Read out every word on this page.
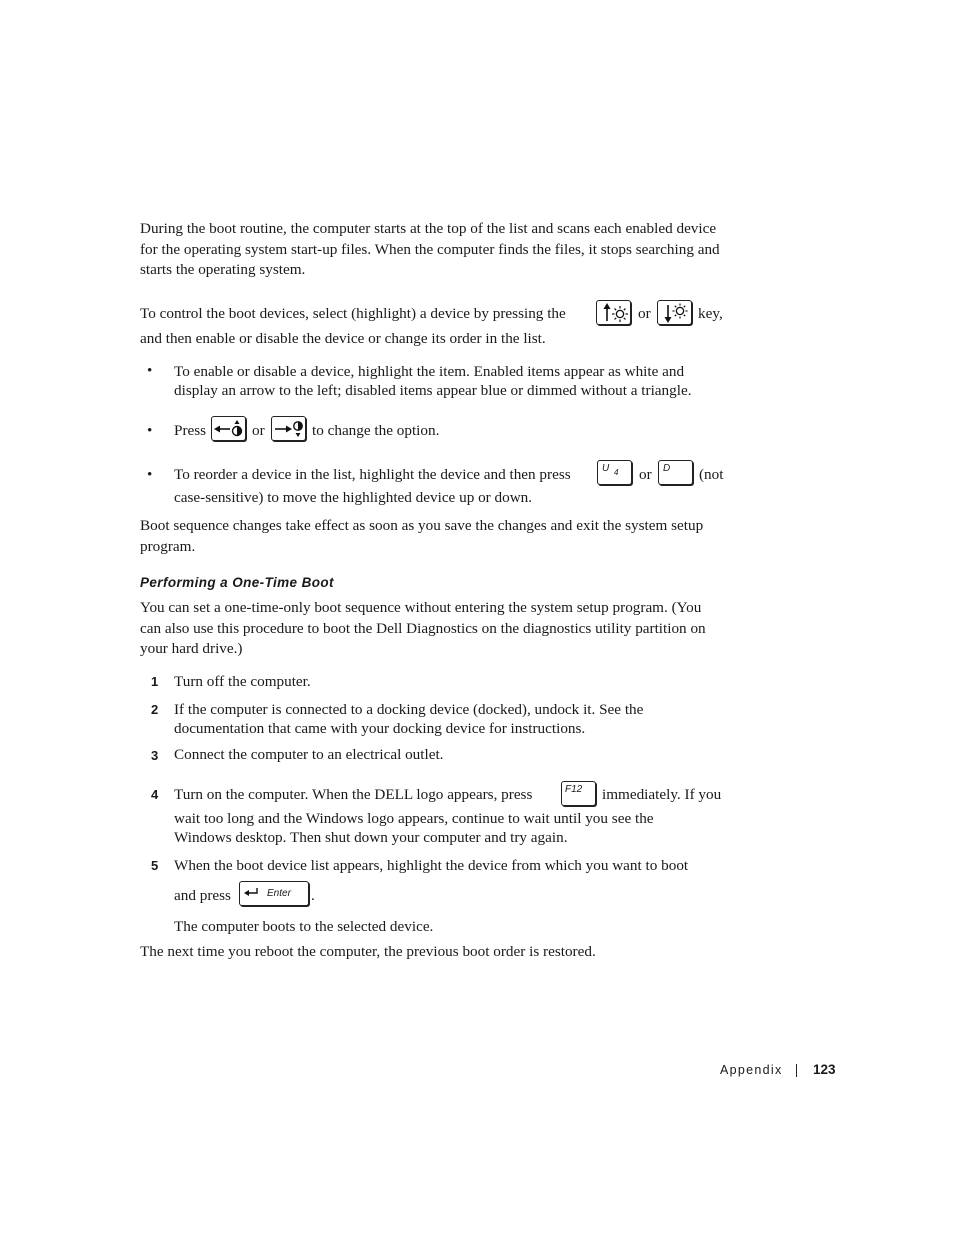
During the boot routine, the computer starts at the top of the list and scans each enabled device for the operating system start-up files. When the computer finds the files, it stops searching and starts the operating system.

To control the boot devices, select (highlight) a device by pressing the	or	key,
and then enable or disable the device or change its order in the list.
• To enable or disable a device, highlight the item. Enabled items appear as white and display an arrow to the left; disabled items appear blue or dimmed without a triangle.

• Press	or	to change the option.
• To reorder a device in the list, highlight the device and then press	U 4 or D (not
case-sensitive) to move the highlighted device up or down.

Boot sequence changes take effect as soon as you save the changes and exit the system setup program.

Performing a One-Time Boot

You can set a one-time-only boot sequence without entering the system setup program. (You can also use this procedure to boot the Dell Diagnostics on the diagnostics utility partition on your hard drive.)

1 Turn off the computer.
2 If the computer is connected to a docking device (docked), undock it. See the documentation that came with your docking device for instructions.

3 Connect the computer to an electrical outlet.
4 Turn on the computer. When the DELL logo appears, press	F12 immediately. If you

wait too long and the Windows logo appears, continue to wait until you see the Windows desktop. Then shut down your computer and try again.

5 When the boot device list appears, highlight the device from which you want to boot
and press	Enter .
The computer boots to the selected device.
The next time you reboot the computer, the previous boot order is restored.
Appendix 123
